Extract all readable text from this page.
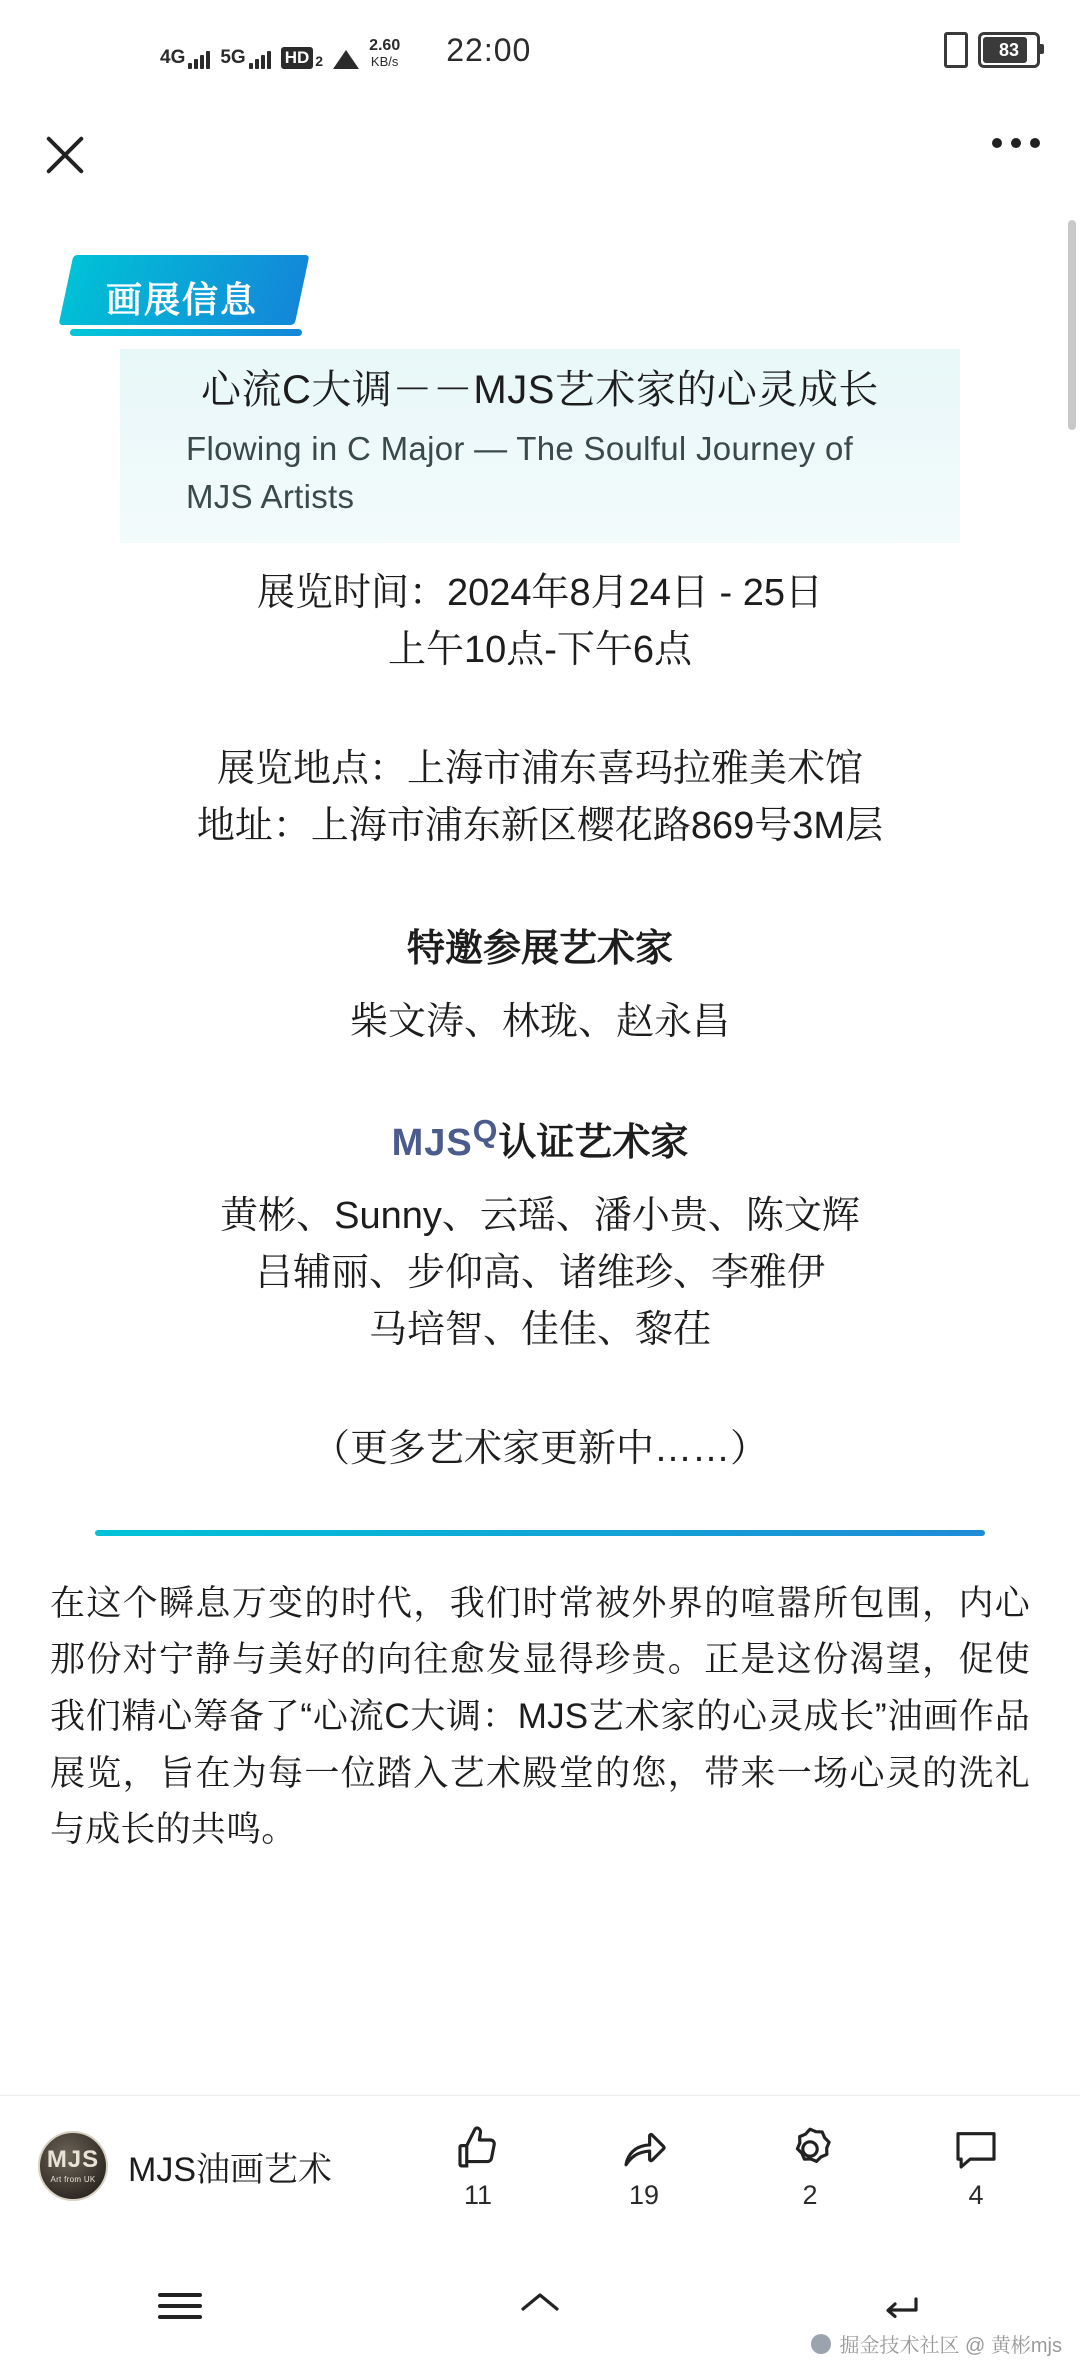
4G 5G HD 2
2.60
KB/s 22:00	83
画展信息
心流C大调－－MJS艺术家的心灵成长
Flowing in C Major — The Soulful Journey of MJS Artists
展览时间：2024年8月24日 - 25日
上午10点-下午6点
展览地点：上海市浦东喜玛拉雅美术馆
地址：上海市浦东新区樱花路869号3M层
特邀参展艺术家
柴文涛、林珑、赵永昌
$MJS^Q$认证艺术家
黄彬、Sunny、云瑶、潘小贵、陈文辉
吕辅丽、步仰高、诸维珍、李雅伊
马培智、佳佳、黎茌
（更多艺术家更新中……）
在这个瞬息万变的时代，我们时常被外界的喧嚣所包围，内心那份对宁静与美好的向往愈发显得珍贵。正是这份渴望，促使我们精心筹备了“心流C大调：MJS艺术家的心灵成长”油画作品展览，旨在为每一位踏入艺术殿堂的您，带来一场心灵的洗礼与成长的共鸣。
MJS
Art from UK MJS油画艺术
11	19	2	4
掘金技术社区 @ 黄彬mjs
